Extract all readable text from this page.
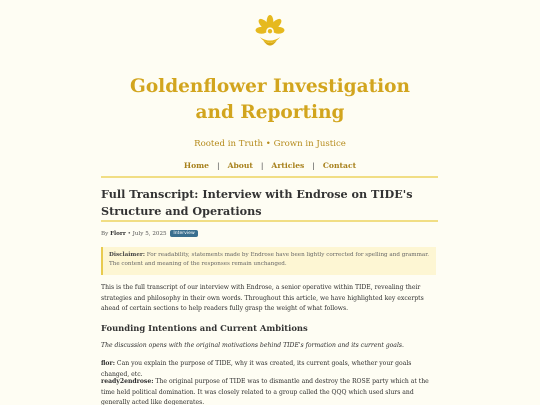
Goldenflower Investigation and Reporting
Rooted in Truth • Grown in Justice
Home | About | Articles | Contact
Full Transcript: Interview with Endrose on TIDE's Structure and Operations
By Florr • July 5, 2025 Interview
Disclaimer: For readability, statements made by Endrose have been lightly corrected for spelling and grammar. The content and meaning of the responses remain unchanged.

This is the full transcript of our interview with Endrose, a senior operative within TIDE, revealing their strategies and philosophy in their own words. Throughout this article, we have highlighted key excerpts ahead of certain sections to help readers fully grasp the weight of what follows.

Founding Intentions and Current Ambitions

The discussion opens with the original motivations behind TIDE's formation and its current goals.

flor: Can you explain the purpose of TIDE, why it was created, its current goals, whether your goals changed, etc.

ready2endrose: The original purpose of TIDE was to dismantle and destroy the ROSE party which at the time held political domination. It was closely related to a group called the QQQ which used slurs and generally acted like degenerates.
